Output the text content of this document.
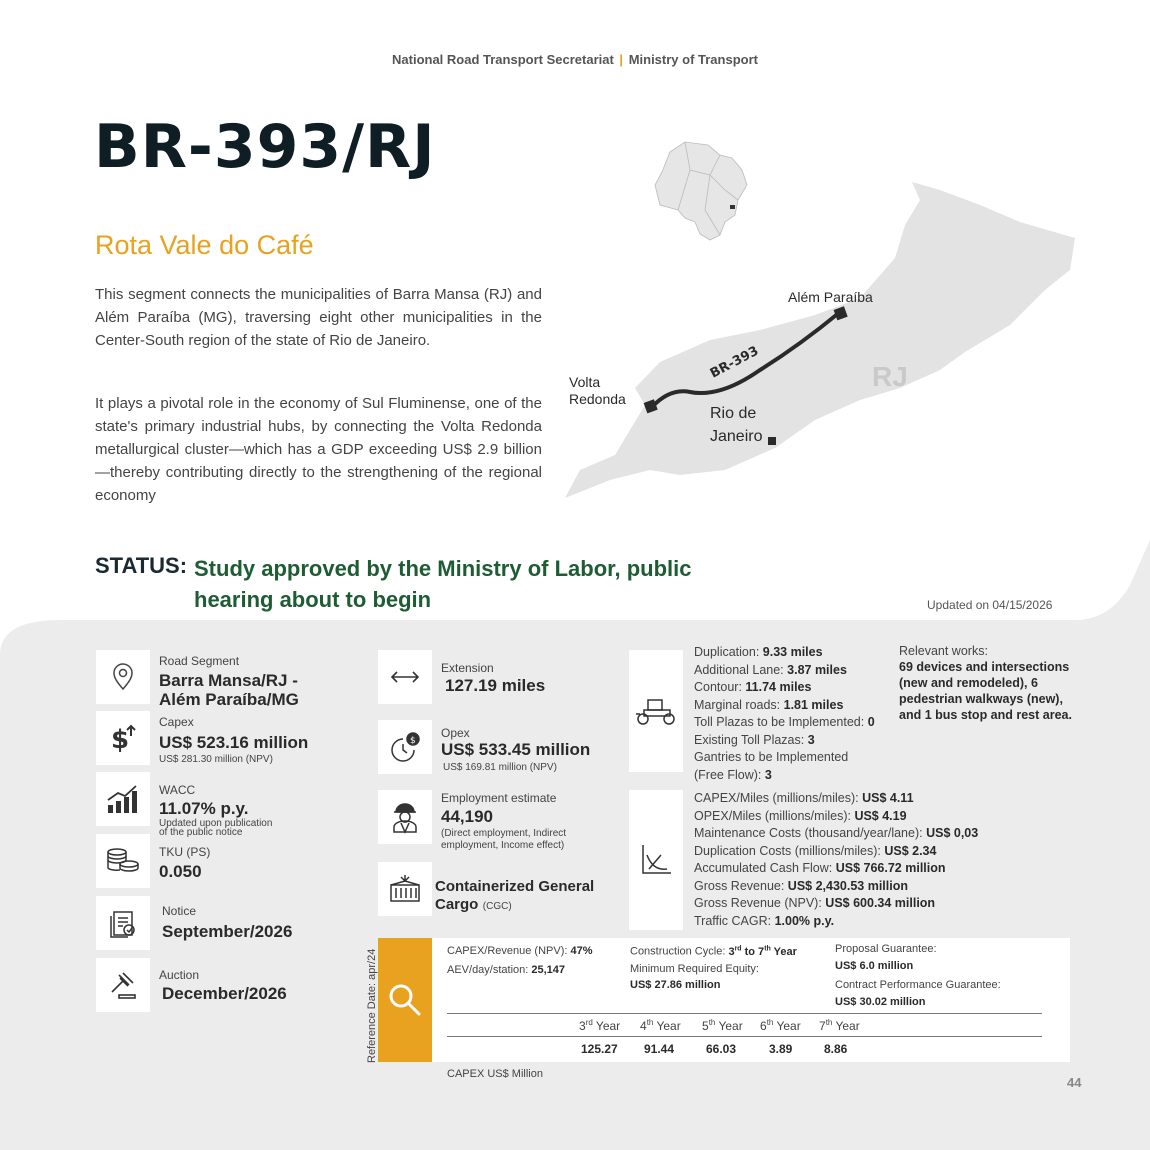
National Road Transport Secretariat | Ministry of Transport
BR-393/RJ
Rota Vale do Café

This segment connects the municipalities of Barra Mansa (RJ) and Além Paraíba (MG), traversing eight other municipalities in the Center-South region of the state of Rio de Janeiro.

It plays a pivotal role in the economy of Sul Fluminense, one of the state's primary industrial hubs, by connecting the Volta Redonda metallurgical cluster—which has a GDP exceeding US$ 2.9 billion—thereby contributing directly to the strengthening of the regional economy

RJ
BR-393
Além Paraíba
Volta
Redonda
Rio de
Janeiro
STATUS: Study approved by the Ministry of Labor, public hearing about to begin	Updated on 04/15/2026
Road Segment
Barra Mansa/RJ -
Além Paraíba/MG
$
Capex
US$ 523.16 million
US$ 281.30 million (NPV)
WACC
11.07% p.y.
Updated upon publication
of the public notice
TKU (PS)
0.050
Notice
September/2026
Auction
December/2026
Extension
127.19 miles
$
Opex
US$ 533.45 million
US$ 169.81 million (NPV)
Employment estimate
44,190
(Direct employment, Indirect
employment, Income effect)
Containerized General
Cargo (CGC)
Duplication: 9.33 miles
Additional Lane: 3.87 miles
Contour: 11.74 miles
Marginal roads: 1.81 miles
Toll Plazas to be Implemented: 0
Existing Toll Plazas: 3
Gantries to be Implemented
(Free Flow): 3
Relevant works:
69 devices and intersections
(new and remodeled), 6
pedestrian walkways (new),
and 1 bus stop and rest area.
CAPEX/Miles (millions/miles): US$ 4.11
OPEX/Miles (millions/miles): US$ 4.19
Maintenance Costs (thousand/year/lane): US$ 0,03
Duplication Costs (millions/miles): US$ 2.34
Accumulated Cash Flow: US$ 766.72 million
Gross Revenue: US$ 2,430.53 million
Gross Revenue (NPV): US$ 600.34 million
Traffic CAGR: 1.00% p.y.
Reference Date: apr/24	CAPEX/Revenue (NPV): 47%
AEV/day/station: 25,147
Construction Cycle: 3rd to 7th Year
Minimum Required Equity:
US$ 27.86 million
Proposal Guarantee:
US$ 6.0 million
Contract Performance Guarantee:
US$ 30.02 million
3rd Year 4th Year 5th Year 6th Year 7th Year
125.27 91.44	66.03	3.89	8.86
CAPEX US$ Million
44
